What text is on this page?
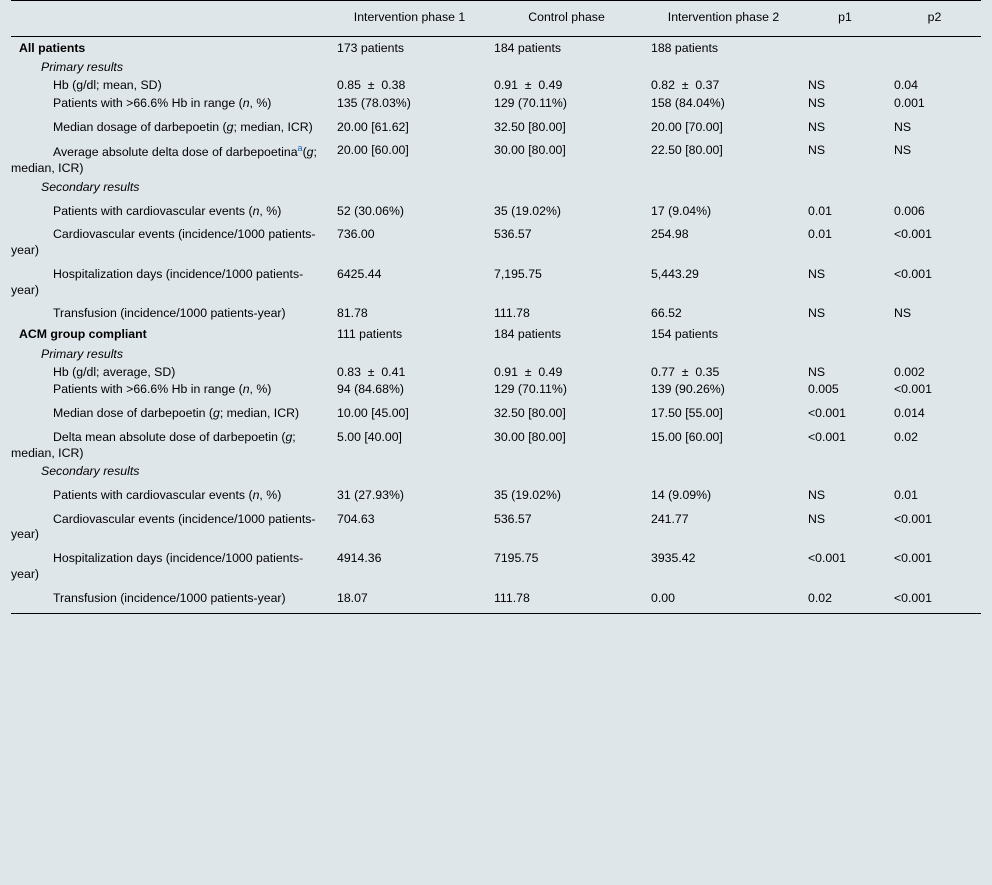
	Intervention phase 1	Control phase	Intervention phase 2	p1	p2
All patients	173 patients	184 patients	188 patients		
Primary results					

Hb (g/dl; mean, SD)	0.85  ±  0.38	0.91  ±  0.49	0.82  ±  0.37	NS	0.04

Patients with >66.6% Hb in range (n, %)	135 (78.03%)	129 (70.11%)	158 (84.04%)	NS	0.001

Median dosage of darbepoetin (g; median, ICR)	20.00 [61.62]	32.50 [80.00]	20.00 [70.00]	NS	NS

Average absolute delta dose of darbepoetina$^a$(g; median, ICR)	20.00 [60.00]	30.00 [80.00]	22.50 [80.00]	NS	NS
Secondary results					

Patients with cardiovascular events (n, %)	52 (30.06%)	35 (19.02%)	17 (9.04%)	0.01	0.006

Cardiovascular events (incidence/1000 patients-year)	736.00	536.57	254.98	0.01	<0.001

Hospitalization days (incidence/1000 patients-year)	6425.44	7,195.75	5,443.29	NS	<0.001

Transfusion (incidence/1000 patients-year)	81.78	111.78	66.52	NS	NS
ACM group compliant	111 patients	184 patients	154 patients		
Primary results					

Hb (g/dl; average, SD)	0.83  ±  0.41	0.91  ±  0.49	0.77  ±  0.35	NS	0.002

Patients with >66.6% Hb in range (n, %)	94 (84.68%)	129 (70.11%)	139 (90.26%)	0.005	<0.001

Median dose of darbepoetin (g; median, ICR)	10.00 [45.00]	32.50 [80.00]	17.50 [55.00]	<0.001	0.014

Delta mean absolute dose of darbepoetin (g; median, ICR)	5.00 [40.00]	30.00 [80.00]	15.00 [60.00]	<0.001	0.02
Secondary results					

Patients with cardiovascular events (n, %)	31 (27.93%)	35 (19.02%)	14 (9.09%)	NS	0.01

Cardiovascular events (incidence/1000 patients-year)	704.63	536.57	241.77	NS	<0.001

Hospitalization days (incidence/1000 patients-year)	4914.36	7195.75	3935.42	<0.001	<0.001

Transfusion (incidence/1000 patients-year)	18.07	111.78	0.00	0.02	<0.001
